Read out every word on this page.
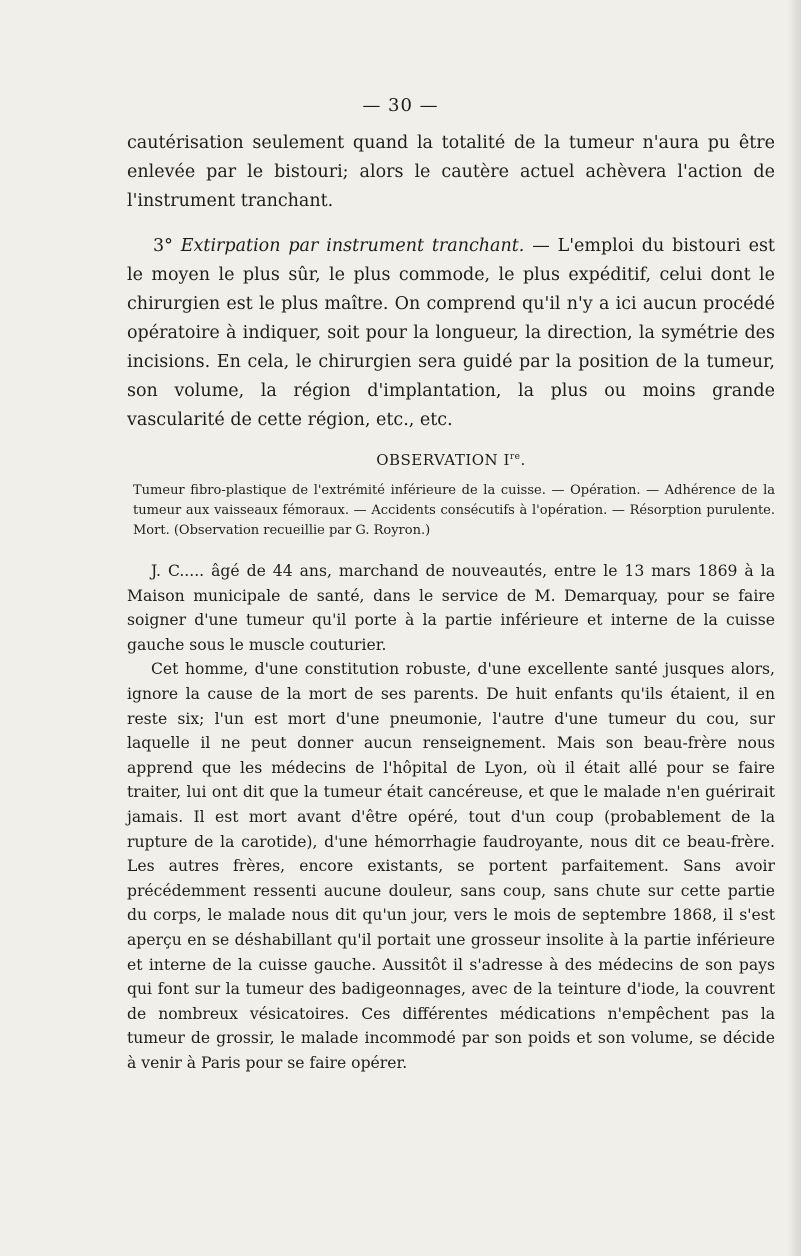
— 30 —

cautérisation seulement quand la totalité de la tumeur n'aura pu être enlevée par le bistouri; alors le cautère actuel achèvera l'action de l'instrument tranchant.

3° Extirpation par instrument tranchant. — L'emploi du bistouri est le moyen le plus sûr, le plus commode, le plus expéditif, celui dont le chirurgien est le plus maître. On comprend qu'il n'y a ici aucun procédé opératoire à indiquer, soit pour la longueur, la direction, la symétrie des incisions. En cela, le chirurgien sera guidé par la position de la tumeur, son volume, la région d'implantation, la plus ou moins grande vascularité de cette région, etc., etc.

OBSERVATION Ire.

Tumeur fibro-plastique de l'extrémité inférieure de la cuisse. — Opération. — Adhérence de la tumeur aux vaisseaux fémoraux. — Accidents consécutifs à l'opération. — Résorption purulente. Mort. (Observation recueillie par G. Royron.)

J. C..... âgé de 44 ans, marchand de nouveautés, entre le 13 mars 1869 à la Maison municipale de santé, dans le service de M. Demarquay, pour se faire soigner d'une tumeur qu'il porte à la partie inférieure et interne de la cuisse gauche sous le muscle couturier.

Cet homme, d'une constitution robuste, d'une excellente santé jusques alors, ignore la cause de la mort de ses parents. De huit enfants qu'ils étaient, il en reste six; l'un est mort d'une pneumonie, l'autre d'une tumeur du cou, sur laquelle il ne peut donner aucun renseignement. Mais son beau-frère nous apprend que les médecins de l'hôpital de Lyon, où il était allé pour se faire traiter, lui ont dit que la tumeur était cancéreuse, et que le malade n'en guérirait jamais. Il est mort avant d'être opéré, tout d'un coup (probablement de la rupture de la carotide), d'une hémorrhagie faudroyante, nous dit ce beau-frère. Les autres frères, encore existants, se portent parfaitement. Sans avoir précédemment ressenti aucune douleur, sans coup, sans chute sur cette partie du corps, le malade nous dit qu'un jour, vers le mois de septembre 1868, il s'est aperçu en se déshabillant qu'il portait une grosseur insolite à la partie inférieure et interne de la cuisse gauche. Aussitôt il s'adresse à des médecins de son pays qui font sur la tumeur des badigeonnages, avec de la teinture d'iode, la couvrent de nombreux vésicatoires. Ces différentes médications n'empêchent pas la tumeur de grossir, le malade incommodé par son poids et son volume, se décide à venir à Paris pour se faire opérer.
